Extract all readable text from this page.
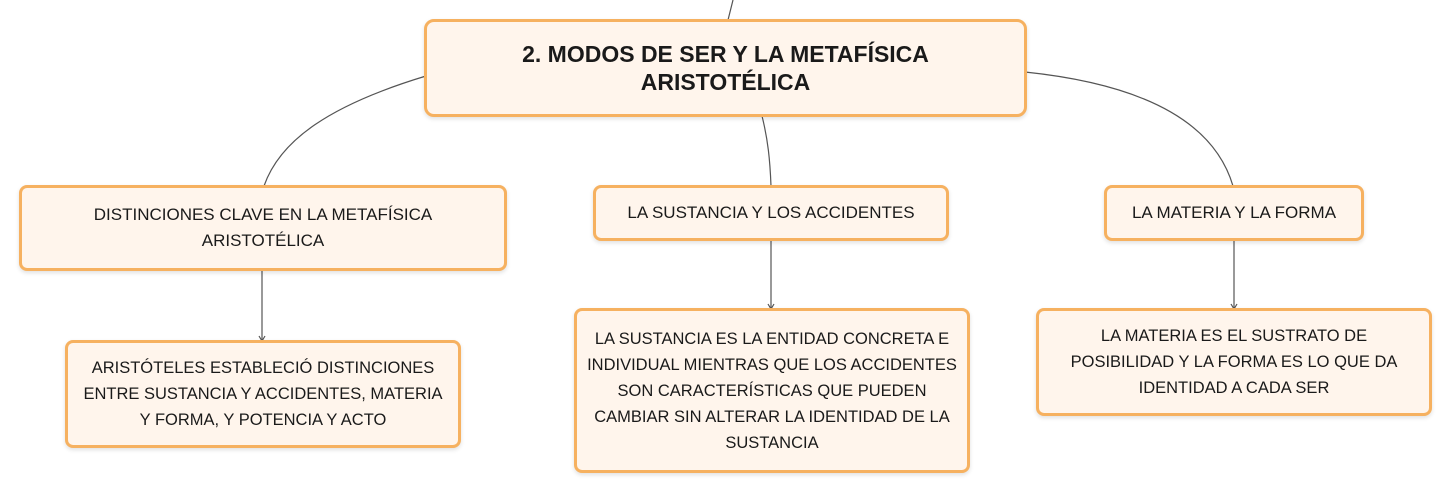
2. MODOS DE SER Y LA METAFÍSICA ARISTOTÉLICA
DISTINCIONES CLAVE EN LA METAFÍSICA ARISTOTÉLICA
LA SUSTANCIA Y LOS ACCIDENTES	LA MATERIA Y LA FORMA
ARISTÓTELES ESTABLECIÓ DISTINCIONES ENTRE SUSTANCIA Y ACCIDENTES, MATERIA Y FORMA, Y POTENCIA Y ACTO
LA SUSTANCIA ES LA ENTIDAD CONCRETA E INDIVIDUAL MIENTRAS QUE LOS ACCIDENTES SON CARACTERÍSTICAS QUE PUEDEN CAMBIAR SIN ALTERAR LA IDENTIDAD DE LA SUSTANCIA
LA MATERIA ES EL SUSTRATO DE POSIBILIDAD Y LA FORMA ES LO QUE DA IDENTIDAD A CADA SER
